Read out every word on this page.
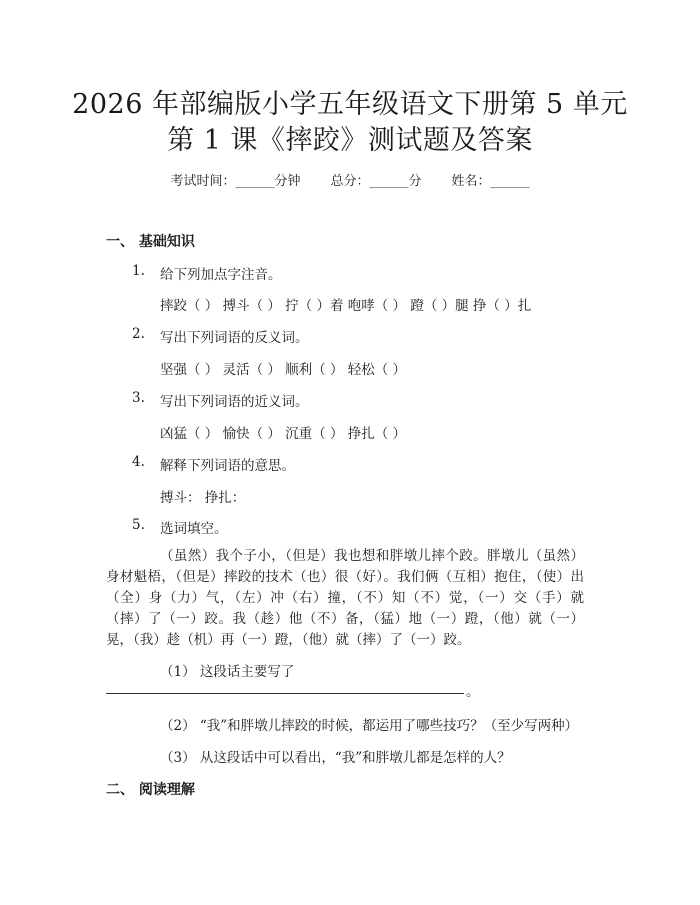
2026 年部编版小学五年级语文下册第 5 单元
第 1 课《摔跤》测试题及答案
考试时间：______分钟 总分：______分 姓名：______
一、 基础知识
1. 给下列加点字注音。
摔跤（ ） 搏斗（ ） 拧（ ）着 咆哮（ ） 蹬（ ）腿 挣（ ）扎
2. 写出下列词语的反义词。
坚强（ ） 灵活（ ） 顺利（ ） 轻松（ ）
3. 写出下列词语的近义词。
凶猛（ ） 愉快（ ） 沉重（ ） 挣扎（ ）
4. 解释下列词语的意思。
搏斗： 挣扎：
5. 选词填空。
（虽然）我个子小，（但是）我也想和胖墩儿摔个跤。胖墩儿（虽然）身材魁梧，（但是）摔跤的技术（也）很（好）。我们俩（互相）抱住，（使）出（全）身（力）气，（左）冲（右）撞，（不）知（不）觉，（一）交（手）就（摔）了（一）跤。我（趁）他（不）备，（猛）地（一）蹬，（他）就（一）晃，（我）趁（机）再（一）蹬，（他）就（摔）了（一）跤。
（1） 这段话主要写了
。
（2） “我”和胖墩儿摔跤的时候，都运用了哪些技巧？（至少写两种）
（3） 从这段话中可以看出，“我”和胖墩儿都是怎样的人？
二、 阅读理解
